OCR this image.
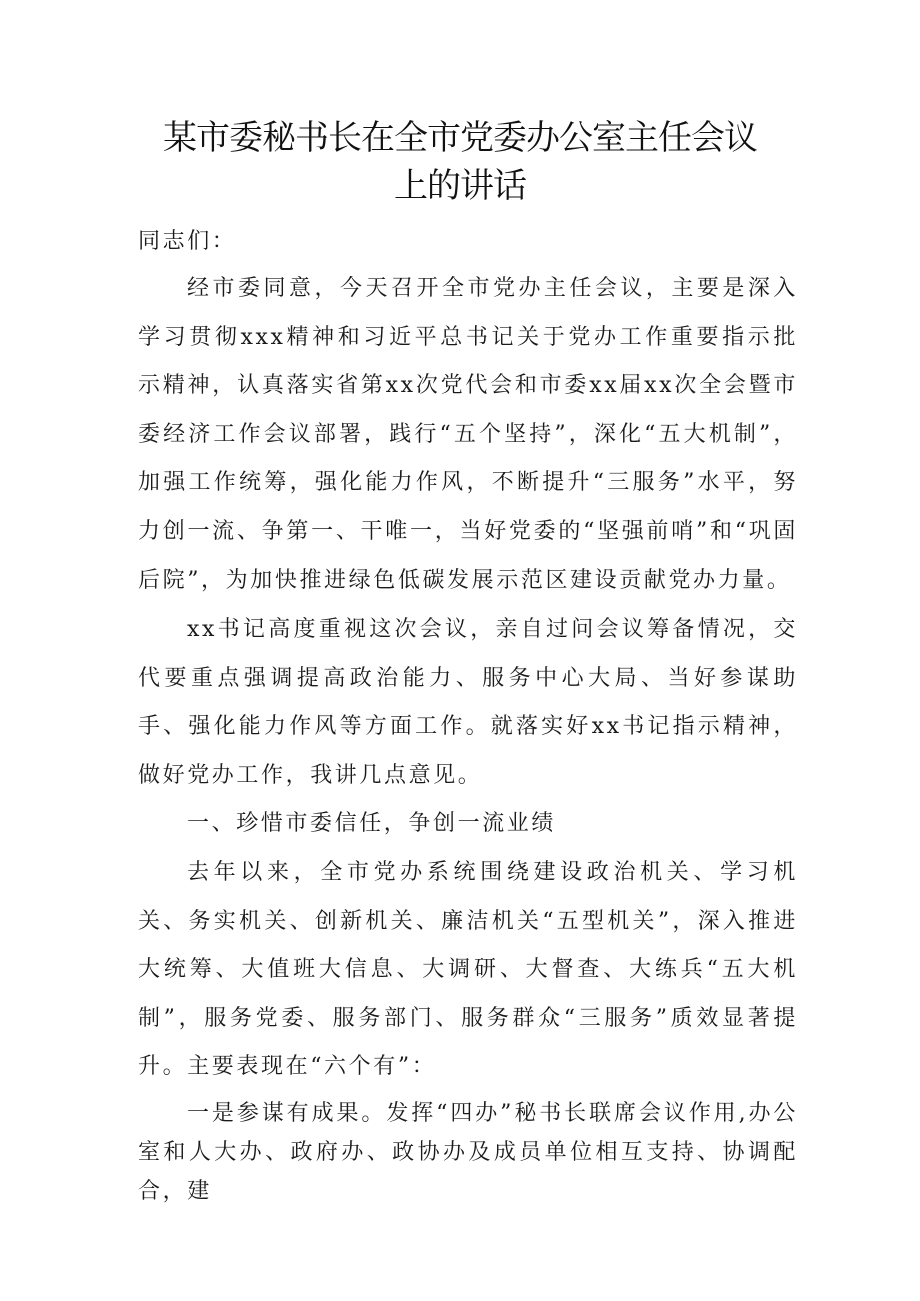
某市委秘书长在全市党委办公室主任会议
上的讲话

同志们：

经市委同意，今天召开全市党办主任会议，主要是深入学习贯彻xxx精神和习近平总书记关于党办工作重要指示批示精神，认真落实省第xx次党代会和市委xx届xx次全会暨市委经济工作会议部署，践行“五个坚持”，深化“五大机制”，加强工作统筹，强化能力作风，不断提升“三服务”水平，努力创一流、争第一、干唯一，当好党委的“坚强前哨”和“巩固后院”，为加快推进绿色低碳发展示范区建设贡献党办力量。

xx书记高度重视这次会议，亲自过问会议筹备情况，交代要重点强调提高政治能力、服务中心大局、当好参谋助手、强化能力作风等方面工作。就落实好xx书记指示精神，做好党办工作，我讲几点意见。

一、珍惜市委信任，争创一流业绩

去年以来，全市党办系统围绕建设政治机关、学习机关、务实机关、创新机关、廉洁机关“五型机关”，深入推进大统筹、大值班大信息、大调研、大督查、大练兵“五大机制”，服务党委、服务部门、服务群众“三服务”质效显著提升。主要表现在“六个有”：

一是参谋有成果。发挥“四办”秘书长联席会议作用,办公室和人大办、政府办、政协办及成员单位相互支持、协调配合，建
